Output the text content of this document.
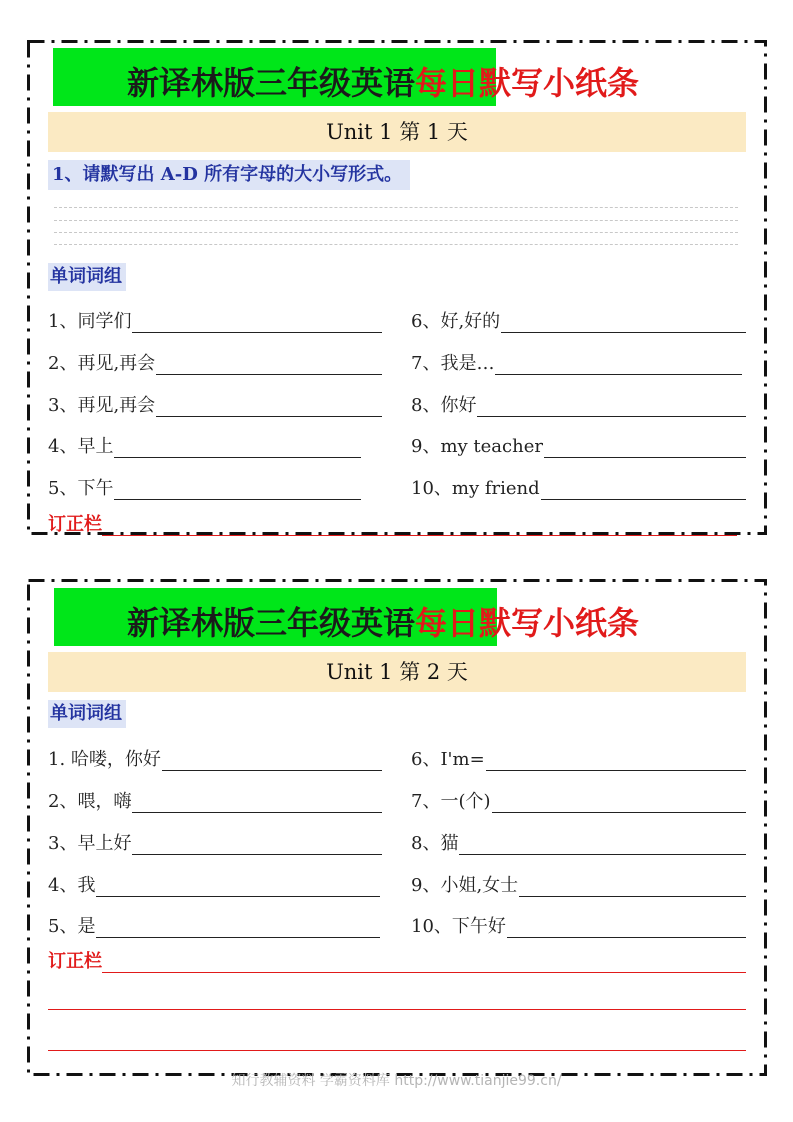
新译林版三年级英语每日默写小纸条
Unit 1 第 1 天
1、请默写出 A-D 所有字母的大小写形式。
单词词组
1、同学们
2、再见,再会
3、再见,再会
4、早上
5、下午
6、好,好的
7、我是…
8、你好
9、my teacher
10、my friend
订正栏
新译林版三年级英语每日默写小纸条
Unit 1 第 2 天
单词词组
1. 哈喽，你好
2、喂，嗨
3、早上好
4、我
5、是
6、I'm=
7、一(个)
8、猫
9、小姐,女士
10、下午好
订正栏
知行教辅资料 学霸资料库 http://www.tianjie99.cn/
